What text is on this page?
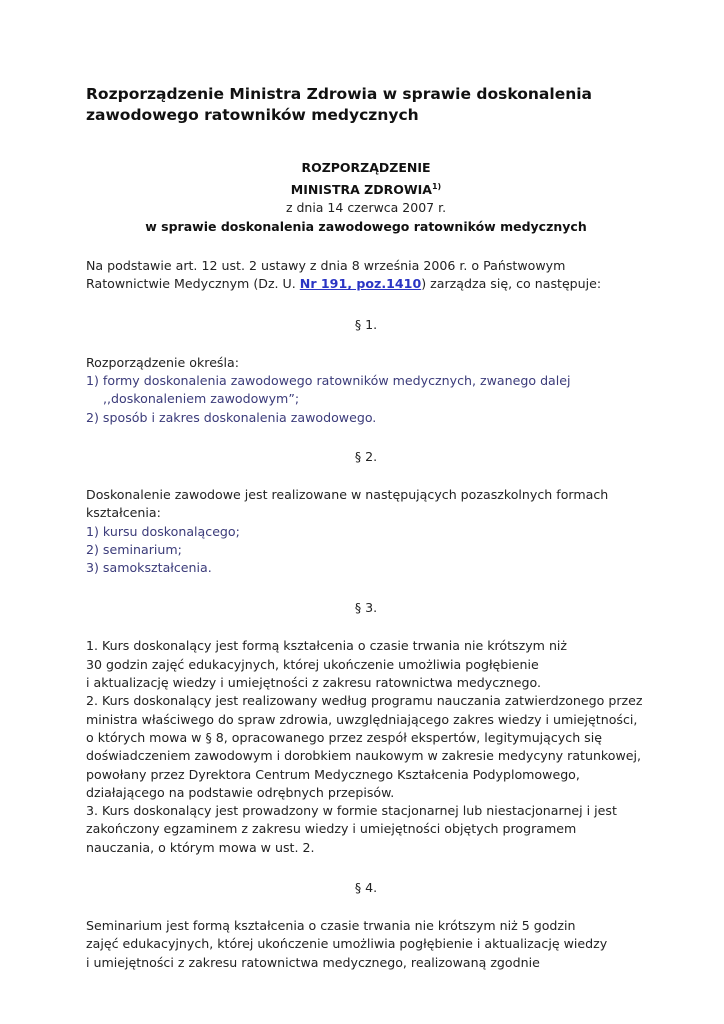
Rozporządzenie Ministra Zdrowia w sprawie doskonalenia zawodowego ratowników medycznych
ROZPORZĄDZENIE
MINISTRA ZDROWIA$^{1)}$
z dnia 14 czerwca 2007 r.
w sprawie doskonalenia zawodowego ratowników medycznych

Na podstawie art. 12 ust. 2 ustawy z dnia 8 września 2006 r. o Państwowym Ratownictwie Medycznym (Dz. U. Nr 191, poz.1410) zarządza się, co następuje:

§ 1.

Rozporządzenie określa:

1) formy doskonalenia zawodowego ratowników medycznych, zwanego dalej
,,doskonaleniem zawodowym”;
2) sposób i zakres doskonalenia zawodowego.
§ 2.

Doskonalenie zawodowe jest realizowane w następujących pozaszkolnych formach kształcenia:

1) kursu doskonalącego;
2) seminarium;
3) samokształcenia.
§ 3.

1. Kurs doskonalący jest formą kształcenia o czasie trwania nie krótszym niż

30 godzin zajęć edukacyjnych, której ukończenie umożliwia pogłębienie

i aktualizację wiedzy i umiejętności z zakresu ratownictwa medycznego.

2. Kurs doskonalący jest realizowany według programu nauczania zatwierdzonego przez ministra właściwego do spraw zdrowia, uwzględniającego zakres wiedzy i umiejętności, o których mowa w § 8, opracowanego przez zespół ekspertów, legitymujących się doświadczeniem zawodowym i dorobkiem naukowym w zakresie medycyny ratunkowej, powołany przez Dyrektora Centrum Medycznego Kształcenia Podyplomowego, działającego na podstawie odrębnych przepisów.

3. Kurs doskonalący jest prowadzony w formie stacjonarnej lub niestacjonarnej i jest zakończony egzaminem z zakresu wiedzy i umiejętności objętych programem nauczania, o którym mowa w ust. 2.

§ 4.

Seminarium jest formą kształcenia o czasie trwania nie krótszym niż 5 godzin

zajęć edukacyjnych, której ukończenie umożliwia pogłębienie i aktualizację wiedzy

i umiejętności z zakresu ratownictwa medycznego, realizowaną zgodnie
